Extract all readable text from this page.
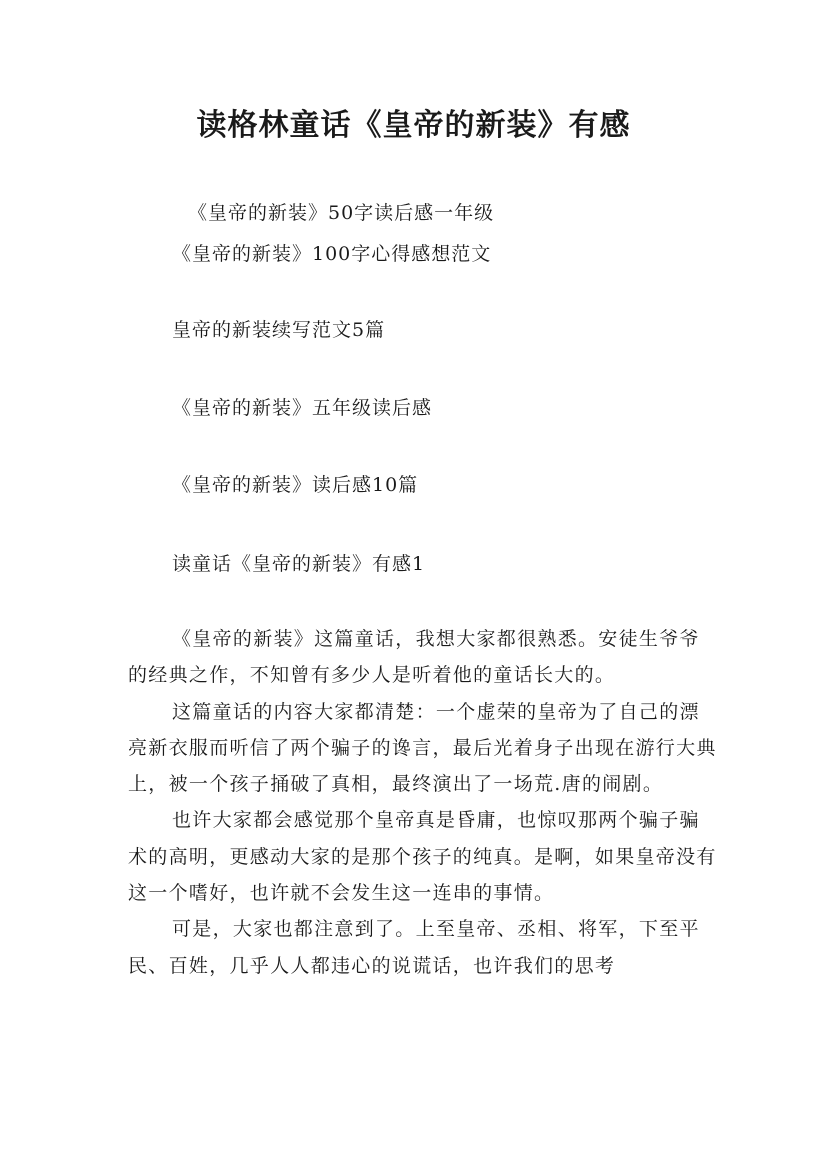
读格林童话《皇帝的新装》有感
《皇帝的新装》50字读后感一年级
《皇帝的新装》100字心得感想范文
皇帝的新装续写范文5篇
《皇帝的新装》五年级读后感
《皇帝的新装》读后感10篇
读童话《皇帝的新装》有感1

《皇帝的新装》这篇童话，我想大家都很熟悉。安徒生爷爷的经典之作，不知曾有多少人是听着他的童话长大的。

这篇童话的内容大家都清楚：一个虚荣的皇帝为了自己的漂亮新衣服而听信了两个骗子的谗言，最后光着身子出现在游行大典上，被一个孩子捅破了真相，最终演出了一场荒.唐的闹剧。

也许大家都会感觉那个皇帝真是昏庸，也惊叹那两个骗子骗术的高明，更感动大家的是那个孩子的纯真。是啊，如果皇帝没有这一个嗜好，也许就不会发生这一连串的事情。

可是，大家也都注意到了。上至皇帝、丞相、将军，下至平民、百姓，几乎人人都违心的说谎话，也许我们的思考
